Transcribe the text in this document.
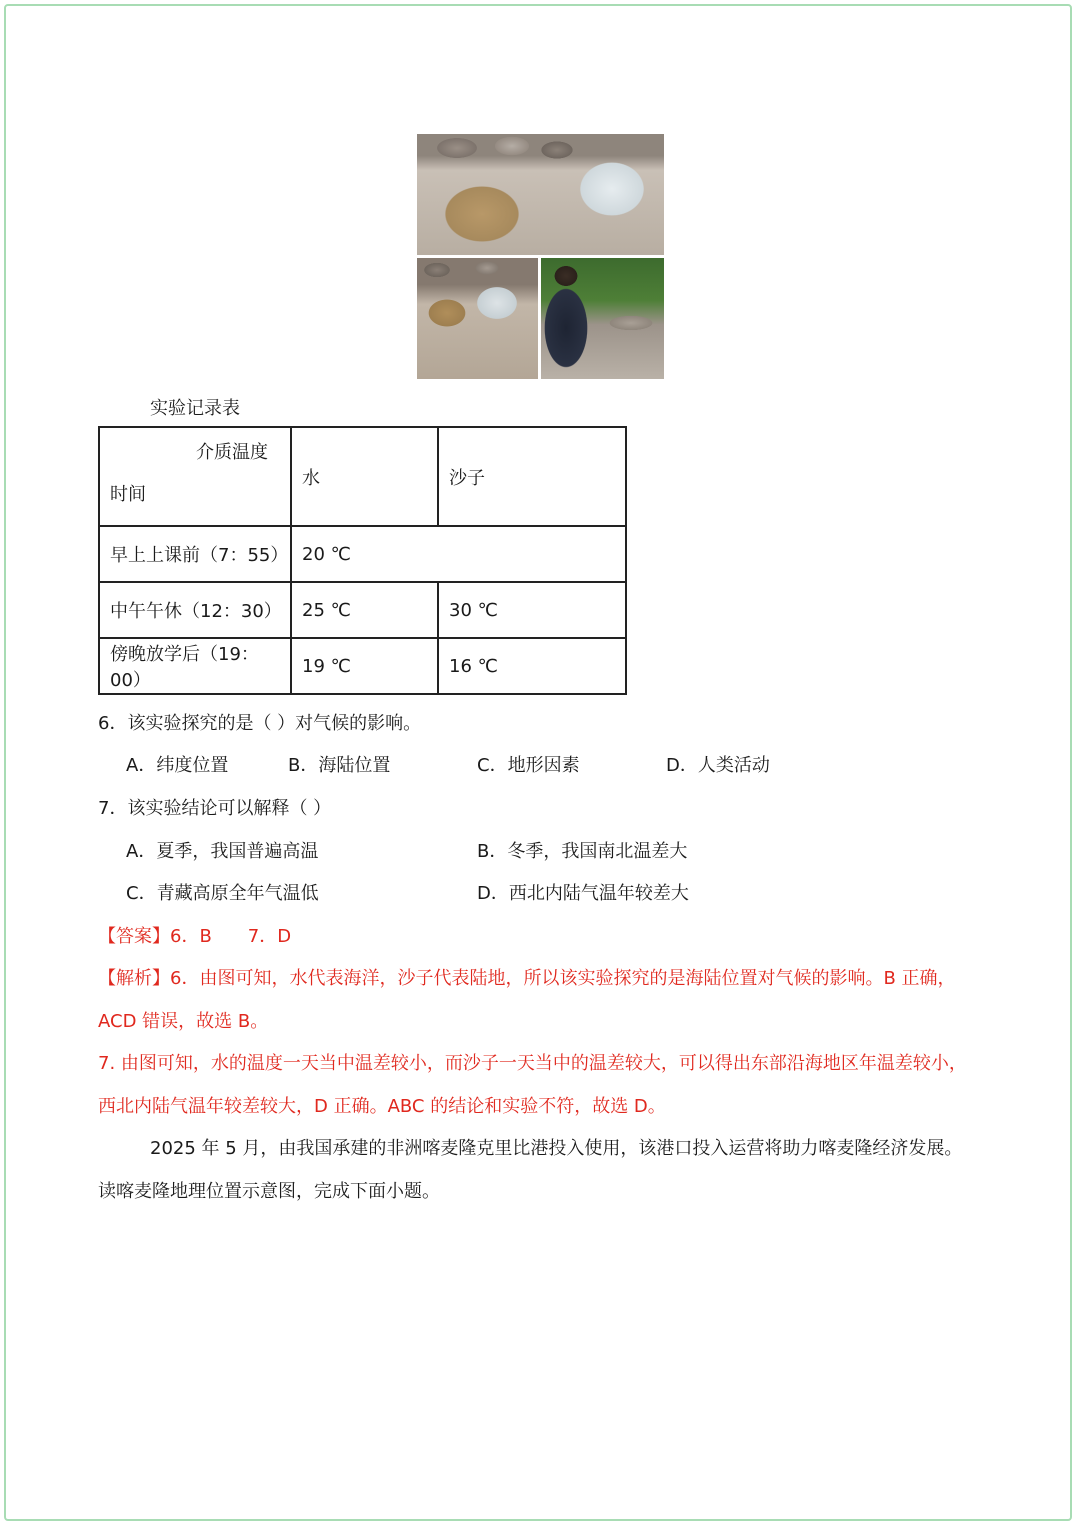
实验记录表
介质温度
时间	水	沙子
早上上课前（7：55）	20 ℃	
中午午休（12：30）	25 ℃	30 ℃
傍晚放学后（19：00）	19 ℃	16 ℃
6．该实验探究的是（ ）对气候的影响。
A．纬度位置	B．海陆位置	C．地形因素	D．人类活动
7．该实验结论可以解释（ ）
A．夏季，我国普遍高温	B．冬季，我国南北温差大
C．青藏高原全年气温低	D．西北内陆气温年较差大
【答案】6．B　　7．D
【解析】6．由图可知，水代表海洋，沙子代表陆地，所以该实验探究的是海陆位置对气候的影响。B 正确，
ACD 错误，故选 B。
7. 由图可知，水的温度一天当中温差较小，而沙子一天当中的温差较大，可以得出东部沿海地区年温差较小，
西北内陆气温年较差较大，D 正确。ABC 的结论和实验不符，故选 D。
2025 年 5 月，由我国承建的非洲喀麦隆克里比港投入使用，该港口投入运营将助力喀麦隆经济发展。
读喀麦隆地理位置示意图，完成下面小题。
